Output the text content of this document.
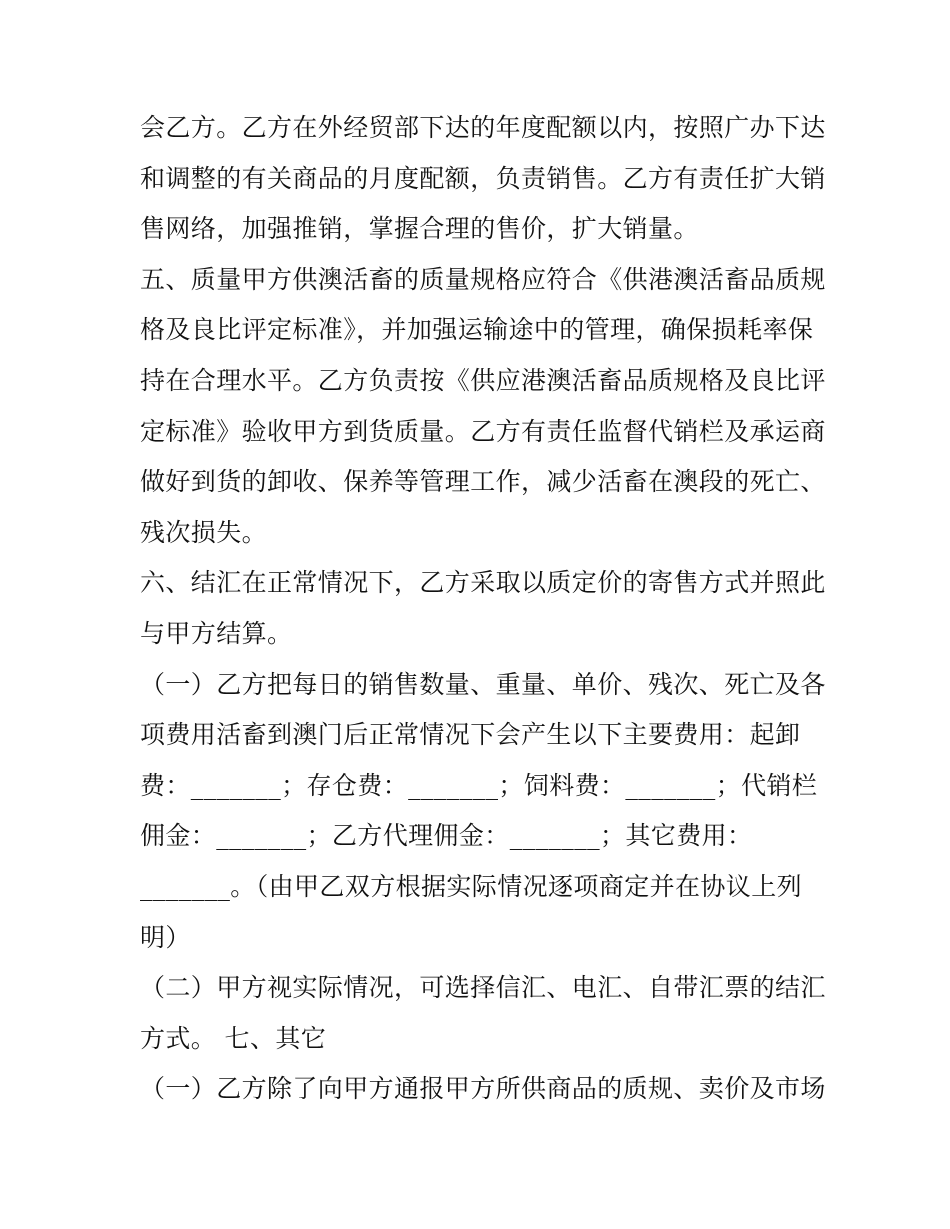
会乙方。乙方在外经贸部下达的年度配额以内，按照广办下达
和调整的有关商品的月度配额，负责销售。乙方有责任扩大销
售网络，加强推销，掌握合理的售价，扩大销量。
五、质量甲方供澳活畜的质量规格应符合《供港澳活畜品质规
格及良比评定标准》，并加强运输途中的管理，确保损耗率保
持在合理水平。乙方负责按《供应港澳活畜品质规格及良比评
定标准》验收甲方到货质量。乙方有责任监督代销栏及承运商
做好到货的卸收、保养等管理工作，减少活畜在澳段的死亡、
残次损失。
六、结汇在正常情况下，乙方采取以质定价的寄售方式并照此
与甲方结算。
（一）乙方把每日的销售数量、重量、单价、残次、死亡及各
项费用活畜到澳门后正常情况下会产生以下主要费用：起卸
费：_______；存仓费：_______；饲料费：_______；代销栏
佣金：_______；乙方代理佣金：_______；其它费用：
_______。（由甲乙双方根据实际情况逐项商定并在协议上列
明）
（二）甲方视实际情况，可选择信汇、电汇、自带汇票的结汇
方式。 七、其它
（一）乙方除了向甲方通报甲方所供商品的质规、卖价及市场
